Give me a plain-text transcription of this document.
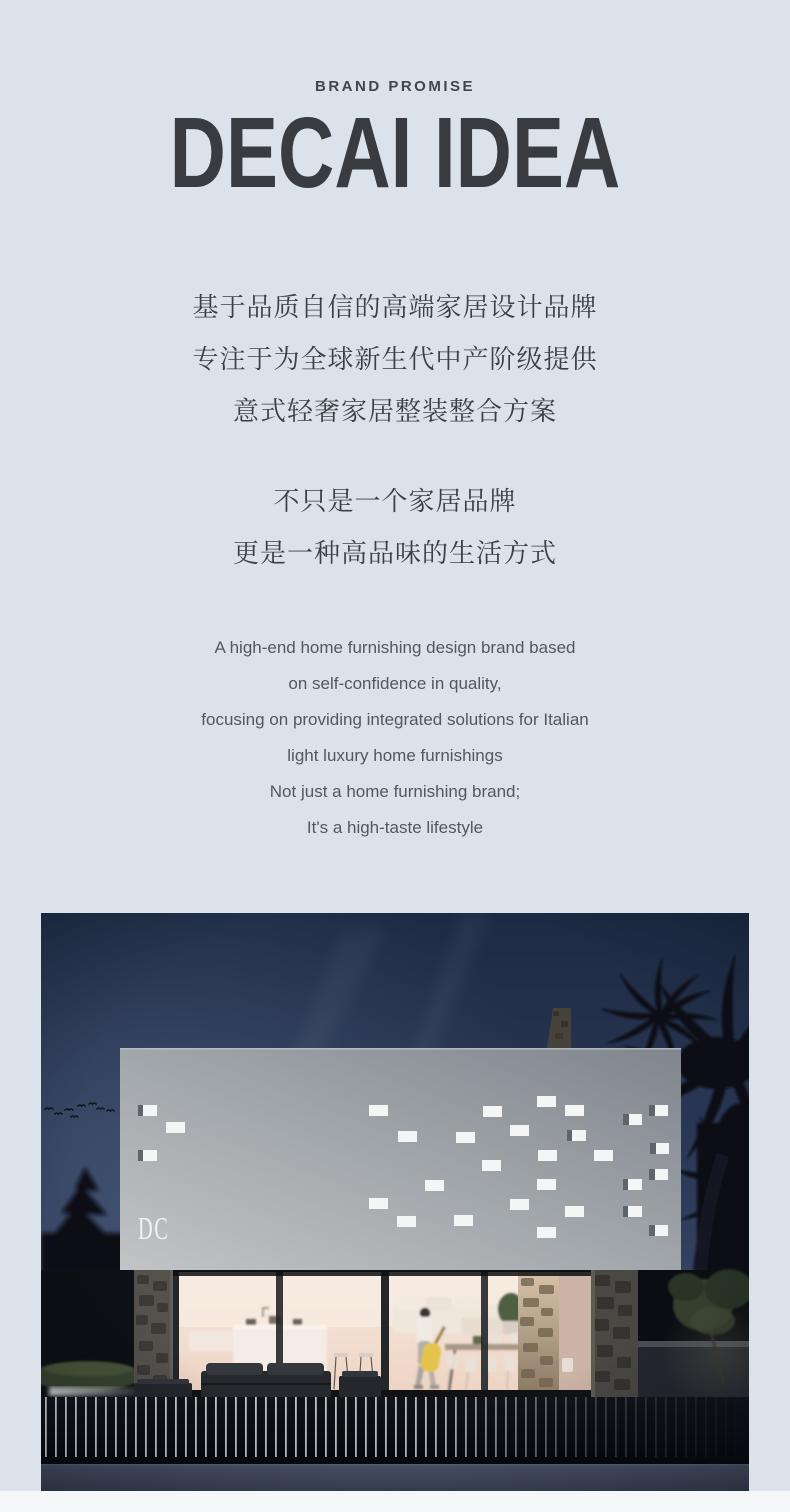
BRAND PROMISE
DECAI IDEA

基于品质自信的高端家居设计品牌

专注于为全球新生代中产阶级提供

意式轻奢家居整装整合方案

不只是一个家居品牌

更是一种高品味的生活方式

A high-end home furnishing design brand based

on self-confidence in quality,

focusing on providing integrated solutions for Italian

light luxury home furnishings

Not just a home furnishing brand;

It's a high-taste lifestyle
